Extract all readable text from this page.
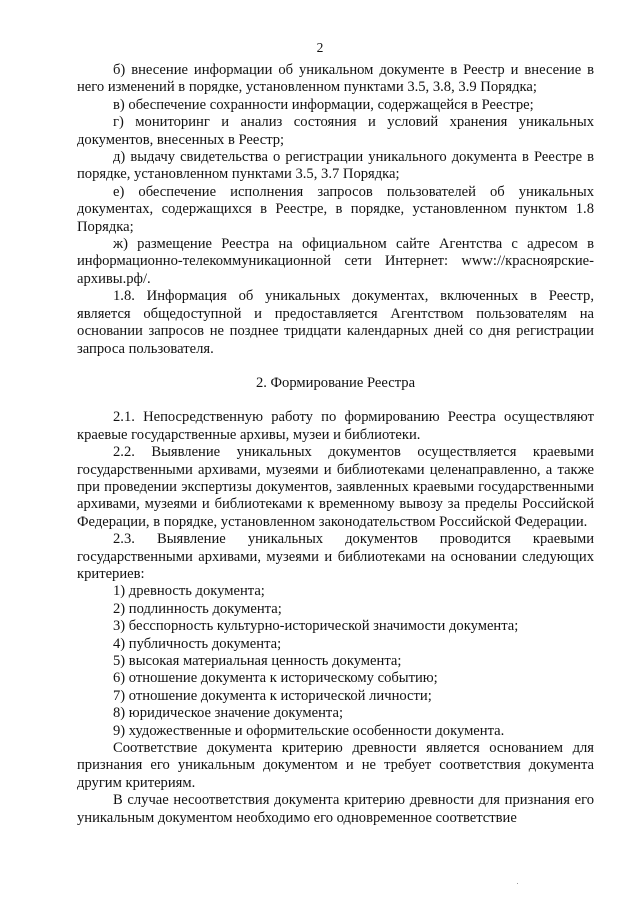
2

б) внесение информации об уникальном документе в Реестр и внесение в него изменений в порядке, установленном пунктами 3.5, 3.8, 3.9 Порядка;

в) обеспечение сохранности информации, содержащейся в Реестре;

г) мониторинг и анализ состояния и условий хранения уникальных документов, внесенных в Реестр;

д) выдачу свидетельства о регистрации уникального документа в Реестре в порядке, установленном пунктами 3.5, 3.7 Порядка;

е) обеспечение исполнения запросов пользователей об уникальных документах, содержащихся в Реестре, в порядке, установленном пунктом 1.8 Порядка;

ж) размещение Реестра на официальном сайте Агентства с адресом в информационно-телекоммуникационной сети Интернет: www://красноярские-архивы.рф/.

1.8. Информация об уникальных документах, включенных в Реестр, является общедоступной и предоставляется Агентством пользователям на основании запросов не позднее тридцати календарных дней со дня регистрации запроса пользователя.

2. Формирование Реестра

2.1. Непосредственную работу по формированию Реестра осуществляют краевые государственные архивы, музеи и библиотеки.

2.2. Выявление уникальных документов осуществляется краевыми государственными архивами, музеями и библиотеками целенаправленно, а также при проведении экспертизы документов, заявленных краевыми государственными архивами, музеями и библиотеками к временному вывозу за пределы Российской Федерации, в порядке, установленном законодательством Российской Федерации.

2.3. Выявление уникальных документов проводится краевыми государственными архивами, музеями и библиотеками на основании следующих критериев:

1) древность документа;

2) подлинность документа;

3) бесспорность культурно-исторической значимости документа;

4) публичность документа;

5) высокая материальная ценность документа;

6) отношение документа к историческому событию;

7) отношение документа к исторической личности;

8) юридическое значение документа;

9) художественные и оформительские особенности документа.

Соответствие документа критерию древности является основанием для признания его уникальным документом и не требует соответствия документа другим критериям.

В случае несоответствия документа критерию древности для признания его уникальным документом необходимо его одновременное соответствие
